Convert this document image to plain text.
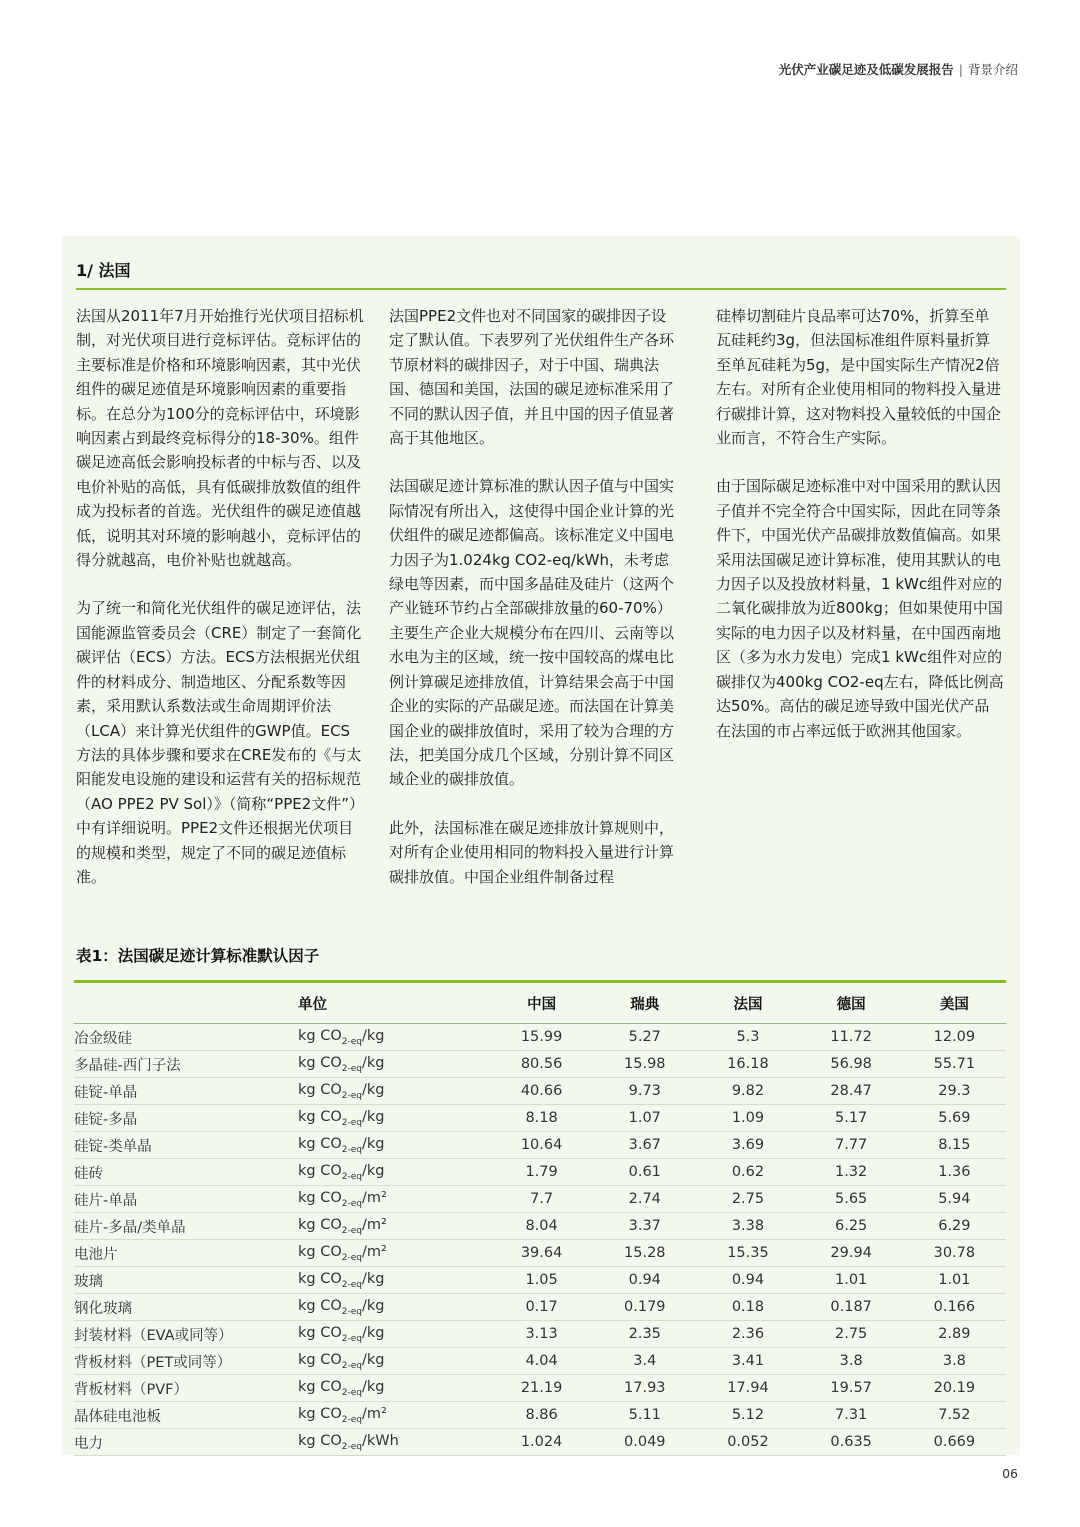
光伏产业碳足迹及低碳发展报告 | 背景介绍
1/ 法国

法国从2011年7月开始推行光伏项目招标机制，对光伏项目进行竞标评估。竞标评估的主要标准是价格和环境影响因素，其中光伏组件的碳足迹值是环境影响因素的重要指标。在总分为100分的竞标评估中，环境影响因素占到最终竞标得分的18-30%。组件碳足迹高低会影响投标者的中标与否、以及电价补贴的高低，具有低碳排放数值的组件成为投标者的首选。光伏组件的碳足迹值越低，说明其对环境的影响越小，竞标评估的得分就越高，电价补贴也就越高。

为了统一和简化光伏组件的碳足迹评估，法国能源监管委员会（CRE）制定了一套简化碳评估（ECS）方法。ECS方法根据光伏组件的材料成分、制造地区、分配系数等因素，采用默认系数法或生命周期评价法（LCA）来计算光伏组件的GWP值。ECS方法的具体步骤和要求在CRE发布的《与太阳能发电设施的建设和运营有关的招标规范（AO PPE2 PV Sol）》（简称“PPE2文件”）中有详细说明。PPE2文件还根据光伏项目的规模和类型，规定了不同的碳足迹值标准。

法国PPE2文件也对不同国家的碳排因子设定了默认值。下表罗列了光伏组件生产各环节原材料的碳排因子，对于中国、瑞典法国、德国和美国，法国的碳足迹标准采用了不同的默认因子值，并且中国的因子值显著高于其他地区。

法国碳足迹计算标准的默认因子值与中国实际情况有所出入，这使得中国企业计算的光伏组件的碳足迹都偏高。该标准定义中国电力因子为1.024kg CO2-eq/kWh，未考虑绿电等因素，而中国多晶硅及硅片（这两个产业链环节约占全部碳排放量的60-70%）主要生产企业大规模分布在四川、云南等以水电为主的区域，统一按中国较高的煤电比例计算碳足迹排放值，计算结果会高于中国企业的实际的产品碳足迹。而法国在计算美国企业的碳排放值时，采用了较为合理的方法，把美国分成几个区域，分别计算不同区域企业的碳排放值。

此外，法国标准在碳足迹排放计算规则中，对所有企业使用相同的物料投入量进行计算碳排放值。中国企业组件制备过程

硅棒切割硅片良品率可达70%，折算至单瓦硅耗约3g，但法国标准组件原料量折算至单瓦硅耗为5g，是中国实际生产情况2倍左右。对所有企业使用相同的物料投入量进行碳排计算，这对物料投入量较低的中国企业而言，不符合生产实际。

由于国际碳足迹标准中对中国采用的默认因子值并不完全符合中国实际，因此在同等条件下，中国光伏产品碳排放数值偏高。如果采用法国碳足迹计算标准，使用其默认的电力因子以及投放材料量，1 kWc组件对应的二氧化碳排放为近800kg；但如果使用中国实际的电力因子以及材料量，在中国西南地区（多为水力发电）完成1 kWc组件对应的碳排仅为400kg CO2-eq左右，降低比例高达50%。高估的碳足迹导致中国光伏产品在法国的市占率远低于欧洲其他国家。

表1：法国碳足迹计算标准默认因子
	单位	中国	瑞典	法国	德国	美国
冶金级硅	kg $CO_{2-eq}/kg$	15.99	5.27	5.3	11.72	12.09
多晶硅-西门子法	kg $CO_{2-eq}/kg$	80.56	15.98	16.18	56.98	55.71
硅锭-单晶	kg $CO_{2-eq}/kg$	40.66	9.73	9.82	28.47	29.3
硅锭-多晶	kg $CO_{2-eq}/kg$	8.18	1.07	1.09	5.17	5.69
硅锭-类单晶	kg $CO_{2-eq}/kg$	10.64	3.67	3.69	7.77	8.15
硅砖	kg $CO_{2-eq}/kg$	1.79	0.61	0.62	1.32	1.36
硅片-单晶	kg $CO_{2-eq}/m^2$	7.7	2.74	2.75	5.65	5.94
硅片-多晶/类单晶	kg $CO_{2-eq}/m^2$	8.04	3.37	3.38	6.25	6.29
电池片	kg $CO_{2-eq}/m^2$	39.64	15.28	15.35	29.94	30.78
玻璃	kg $CO_{2-eq}/kg$	1.05	0.94	0.94	1.01	1.01
钢化玻璃	kg $CO_{2-eq}/kg$	0.17	0.179	0.18	0.187	0.166
封装材料（EVA或同等）	kg $CO_{2-eq}/kg$	3.13	2.35	2.36	2.75	2.89
背板材料（PET或同等）	kg $CO_{2-eq}/kg$	4.04	3.4	3.41	3.8	3.8
背板材料（PVF）	kg $CO_{2-eq}/kg$	21.19	17.93	17.94	19.57	20.19
晶体硅电池板	kg $CO_{2-eq}/m^2$	8.86	5.11	5.12	7.31	7.52
电力	kg $CO_{2-eq}$/kWh	1.024	0.049	0.052	0.635	0.669
06
